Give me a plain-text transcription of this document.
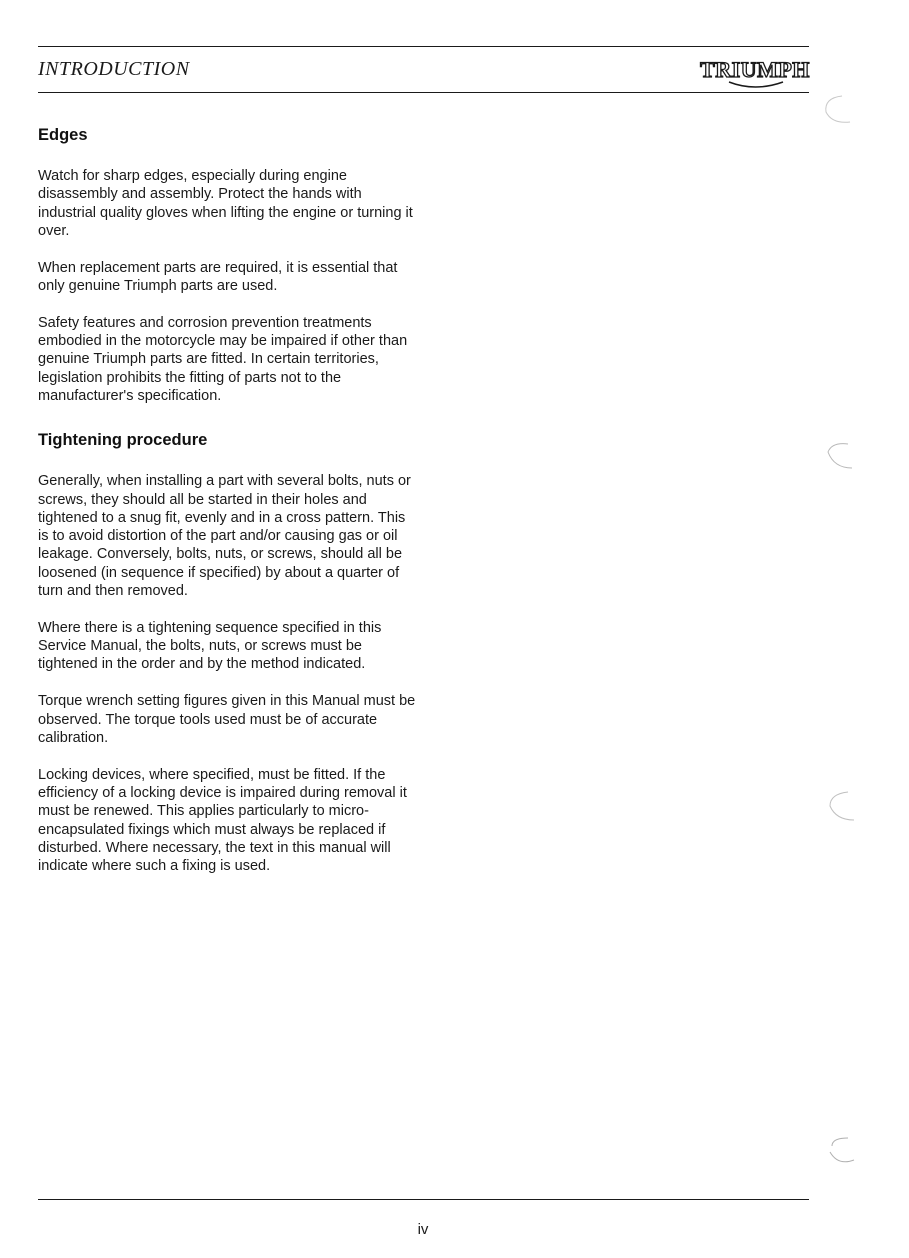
INTRODUCTION	TRIUMPH
Edges

Watch for sharp edges, especially during engine disassembly and assembly. Protect the hands with industrial quality gloves when lifting the engine or turning it over.

When replacement parts are required, it is essential that only genuine Triumph parts are used.

Safety features and corrosion prevention treatments embodied in the motorcycle may be impaired if other than genuine Triumph parts are fitted. In certain territories, legislation prohibits the fitting of parts not to the manufacturer's specification.

Tightening procedure

Generally, when installing a part with several bolts, nuts or screws, they should all be started in their holes and tightened to a snug fit, evenly and in a cross pattern. This is to avoid distortion of the part and/or causing gas or oil leakage. Conversely, bolts, nuts, or screws, should all be loosened (in sequence if specified) by about a quarter of turn and then removed.

Where there is a tightening sequence specified in this Service Manual, the bolts, nuts, or screws must be tightened in the order and by the method indicated.

Torque wrench setting figures given in this Manual must be observed. The torque tools used must be of accurate calibration.

Locking devices, where specified, must be fitted. If the efficiency of a locking device is impaired during removal it must be renewed. This applies particularly to micro-encapsulated fixings which must always be replaced if disturbed. Where necessary, the text in this manual will indicate where such a fixing is used.

iv
